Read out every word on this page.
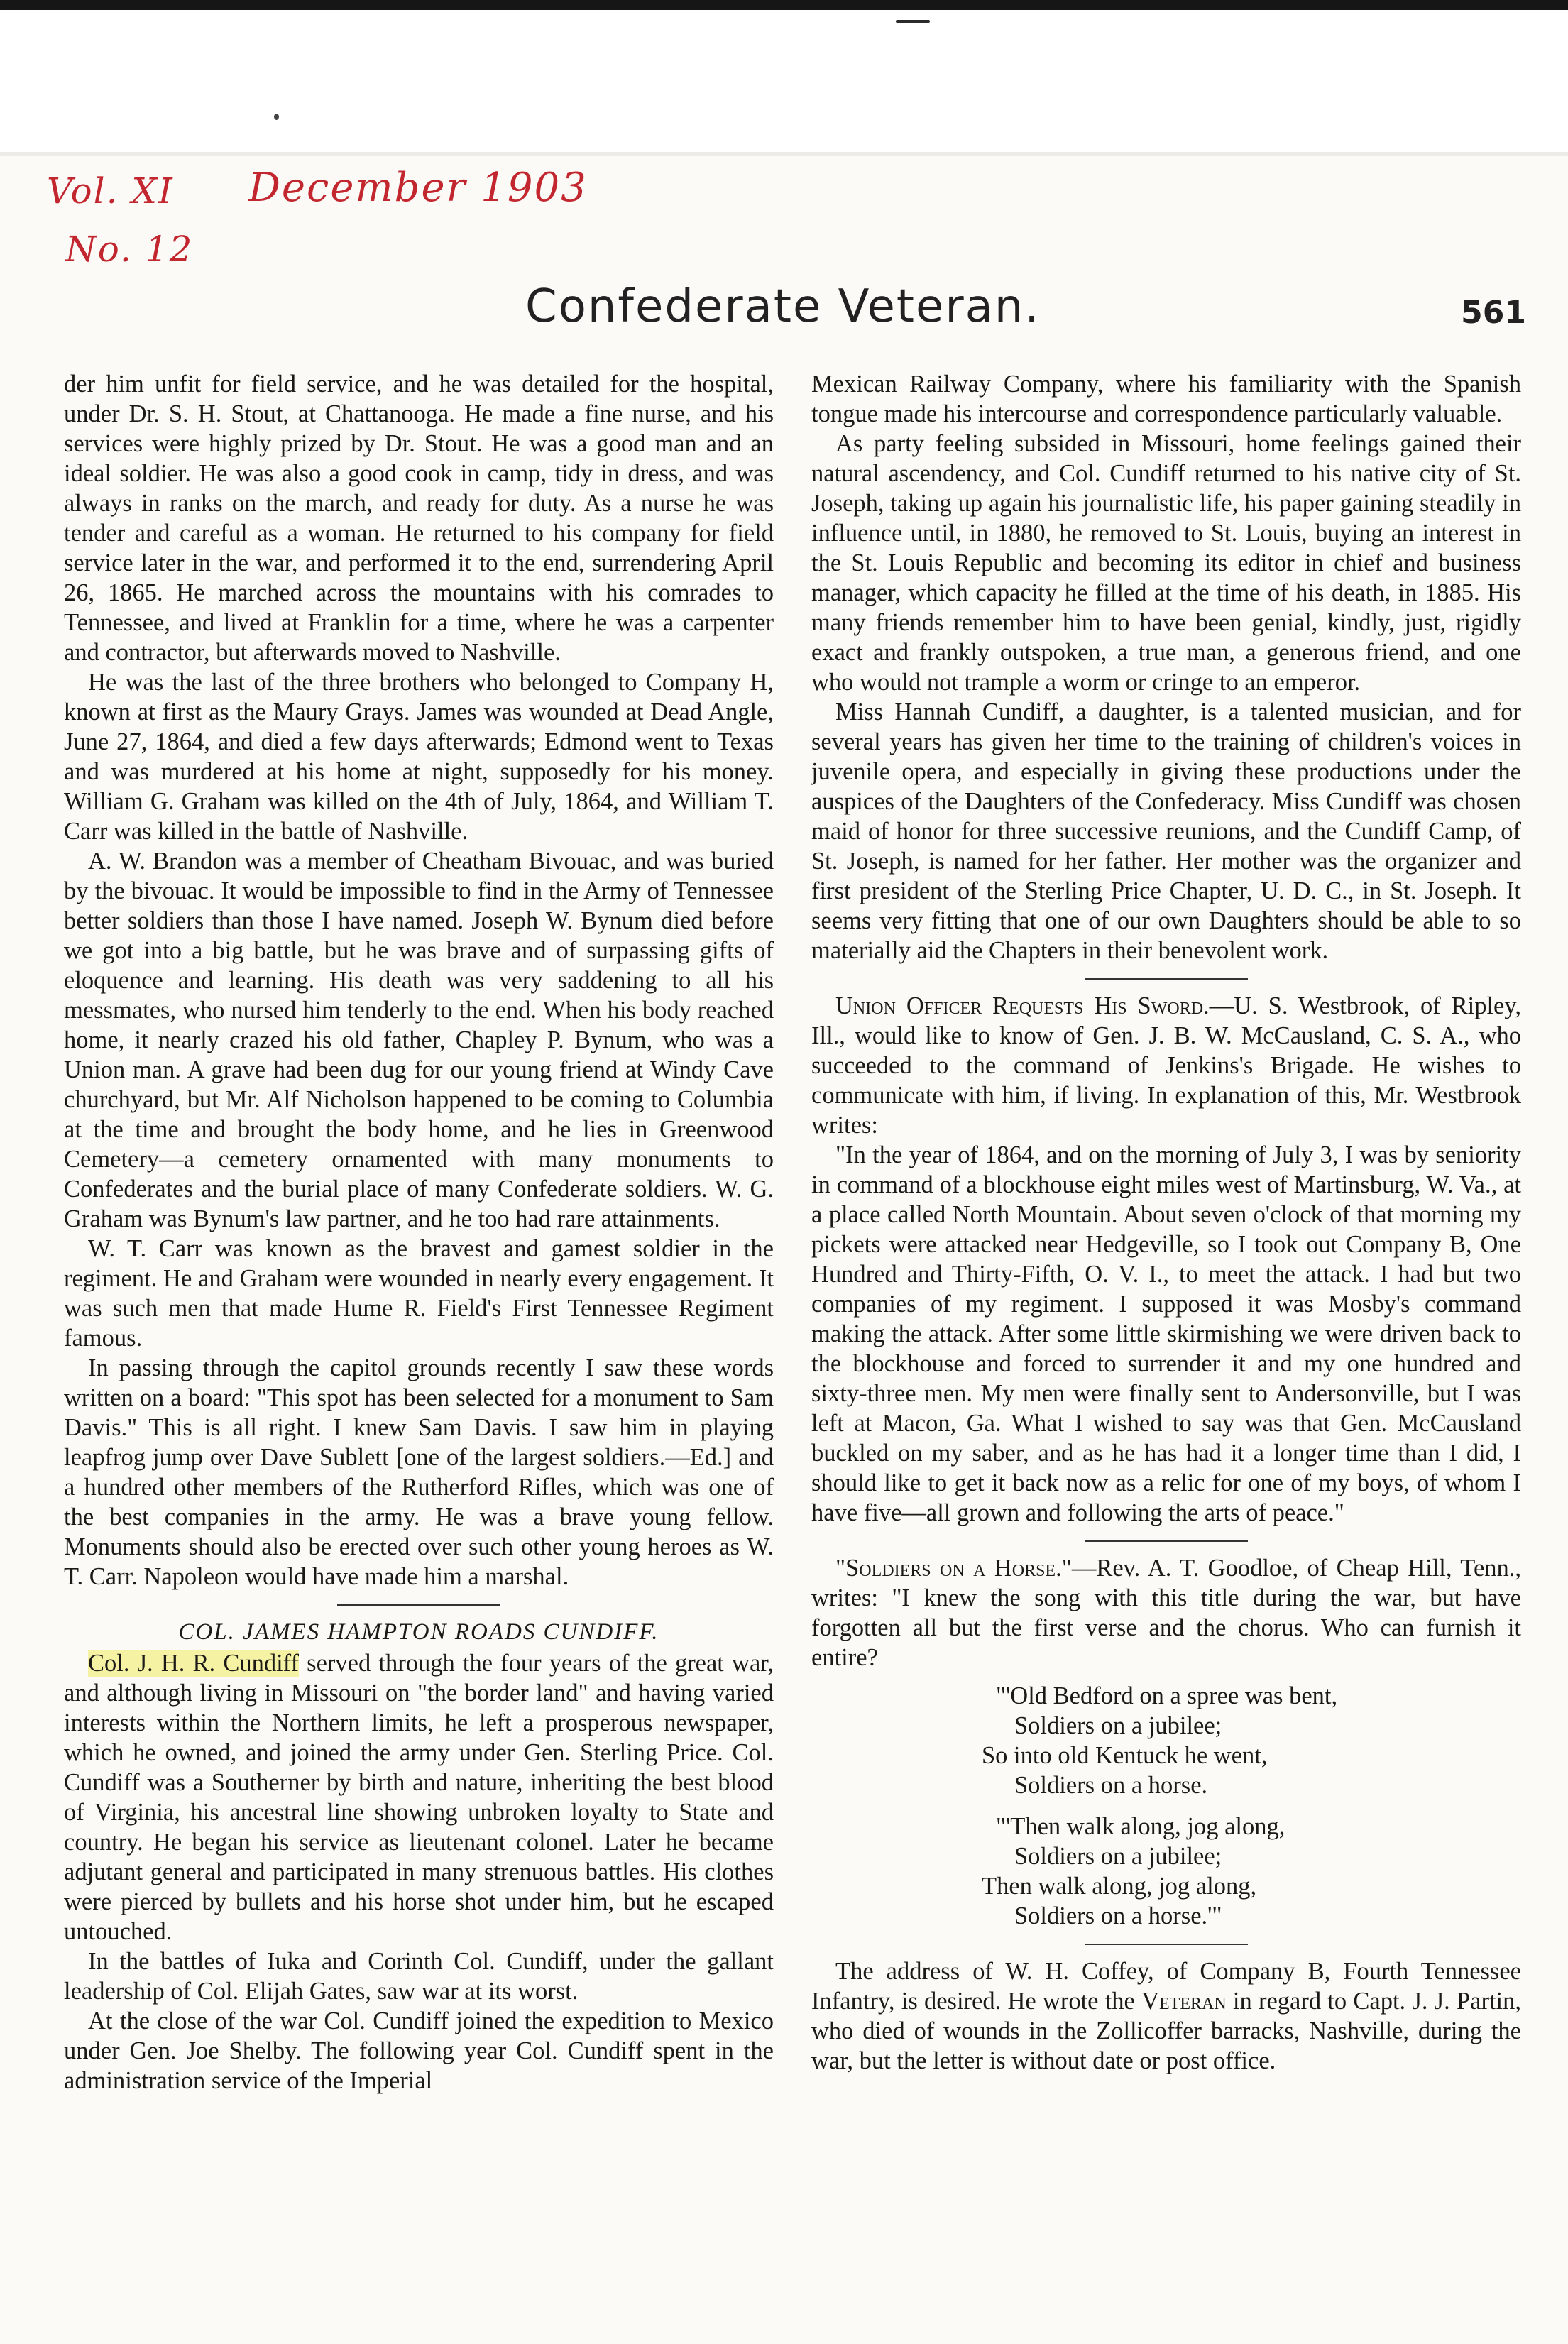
Vol. XI December 1903
No. 12
Confederate Veteran.	561

der him unfit for field service, and he was detailed for the hospital, under Dr. S. H. Stout, at Chattanooga. He made a fine nurse, and his services were highly prized by Dr. Stout. He was a good man and an ideal soldier. He was also a good cook in camp, tidy in dress, and was always in ranks on the march, and ready for duty. As a nurse he was tender and careful as a woman. He returned to his company for field service later in the war, and performed it to the end, surrendering April 26, 1865. He marched across the mountains with his comrades to Tennessee, and lived at Franklin for a time, where he was a carpenter and contractor, but afterwards moved to Nashville.

He was the last of the three brothers who belonged to Company H, known at first as the Maury Grays. James was wounded at Dead Angle, June 27, 1864, and died a few days afterwards; Edmond went to Texas and was murdered at his home at night, supposedly for his money. William G. Graham was killed on the 4th of July, 1864, and William T. Carr was killed in the battle of Nashville.

A. W. Brandon was a member of Cheatham Bivouac, and was buried by the bivouac. It would be impossible to find in the Army of Tennessee better soldiers than those I have named. Joseph W. Bynum died before we got into a big battle, but he was brave and of surpassing gifts of eloquence and learning. His death was very saddening to all his messmates, who nursed him tenderly to the end. When his body reached home, it nearly crazed his old father, Chapley P. Bynum, who was a Union man. A grave had been dug for our young friend at Windy Cave churchyard, but Mr. Alf Nicholson happened to be coming to Columbia at the time and brought the body home, and he lies in Greenwood Cemetery—a cemetery ornamented with many monuments to Confederates and the burial place of many Confederate soldiers. W. G. Graham was Bynum's law partner, and he too had rare attainments.

W. T. Carr was known as the bravest and gamest soldier in the regiment. He and Graham were wounded in nearly every engagement. It was such men that made Hume R. Field's First Tennessee Regiment famous.

In passing through the capitol grounds recently I saw these words written on a board: "This spot has been selected for a monument to Sam Davis." This is all right. I knew Sam Davis. I saw him in playing leapfrog jump over Dave Sublett [one of the largest soldiers.—Ed.] and a hundred other members of the Rutherford Rifles, which was one of the best companies in the army. He was a brave young fellow. Monuments should also be erected over such other young heroes as W. T. Carr. Napoleon would have made him a marshal.

COL. JAMES HAMPTON ROADS CUNDIFF.

Col. J. H. R. Cundiff served through the four years of the great war, and although living in Missouri on "the border land" and having varied interests within the Northern limits, he left a prosperous newspaper, which he owned, and joined the army under Gen. Sterling Price. Col. Cundiff was a Southerner by birth and nature, inheriting the best blood of Virginia, his ancestral line showing unbroken loyalty to State and country. He began his service as lieutenant colonel. Later he became adjutant general and participated in many strenuous battles. His clothes were pierced by bullets and his horse shot under him, but he escaped untouched.

In the battles of Iuka and Corinth Col. Cundiff, under the gallant leadership of Col. Elijah Gates, saw war at its worst.

At the close of the war Col. Cundiff joined the expedition to Mexico under Gen. Joe Shelby. The following year Col. Cundiff spent in the administration service of the Imperial

Mexican Railway Company, where his familiarity with the Spanish tongue made his intercourse and correspondence particularly valuable.

As party feeling subsided in Missouri, home feelings gained their natural ascendency, and Col. Cundiff returned to his native city of St. Joseph, taking up again his journalistic life, his paper gaining steadily in influence until, in 1880, he removed to St. Louis, buying an interest in the St. Louis Republic and becoming its editor in chief and business manager, which capacity he filled at the time of his death, in 1885. His many friends remember him to have been genial, kindly, just, rigidly exact and frankly outspoken, a true man, a generous friend, and one who would not trample a worm or cringe to an emperor.

Miss Hannah Cundiff, a daughter, is a talented musician, and for several years has given her time to the training of children's voices in juvenile opera, and especially in giving these productions under the auspices of the Daughters of the Confederacy. Miss Cundiff was chosen maid of honor for three successive reunions, and the Cundiff Camp, of St. Joseph, is named for her father. Her mother was the organizer and first president of the Sterling Price Chapter, U. D. C., in St. Joseph. It seems very fitting that one of our own Daughters should be able to so materially aid the Chapters in their benevolent work.

Union Officer Requests His Sword.—U. S. Westbrook, of Ripley, Ill., would like to know of Gen. J. B. W. McCausland, C. S. A., who succeeded to the command of Jenkins's Brigade. He wishes to communicate with him, if living. In explanation of this, Mr. Westbrook writes:

"In the year of 1864, and on the morning of July 3, I was by seniority in command of a blockhouse eight miles west of Martinsburg, W. Va., at a place called North Mountain. About seven o'clock of that morning my pickets were attacked near Hedgeville, so I took out Company B, One Hundred and Thirty-Fifth, O. V. I., to meet the attack. I had but two companies of my regiment. I supposed it was Mosby's command making the attack. After some little skirmishing we were driven back to the blockhouse and forced to surrender it and my one hundred and sixty-three men. My men were finally sent to Andersonville, but I was left at Macon, Ga. What I wished to say was that Gen. McCausland buckled on my saber, and as he has had it a longer time than I did, I should like to get it back now as a relic for one of my boys, of whom I have five—all grown and following the arts of peace."

"Soldiers on a Horse."—Rev. A. T. Goodloe, of Cheap Hill, Tenn., writes: "I knew the song with this title during the war, but have forgotten all but the first verse and the chorus. Who can furnish it entire?

"'Old Bedford on a spree was bent,
Soldiers on a jubilee;
So into old Kentuck he went,
Soldiers on a horse.
"'Then walk along, jog along,
Soldiers on a jubilee;
Then walk along, jog along,
Soldiers on a horse.'"

The address of W. H. Coffey, of Company B, Fourth Tennessee Infantry, is desired. He wrote the Veteran in regard to Capt. J. J. Partin, who died of wounds in the Zollicoffer barracks, Nashville, during the war, but the letter is without date or post office.
